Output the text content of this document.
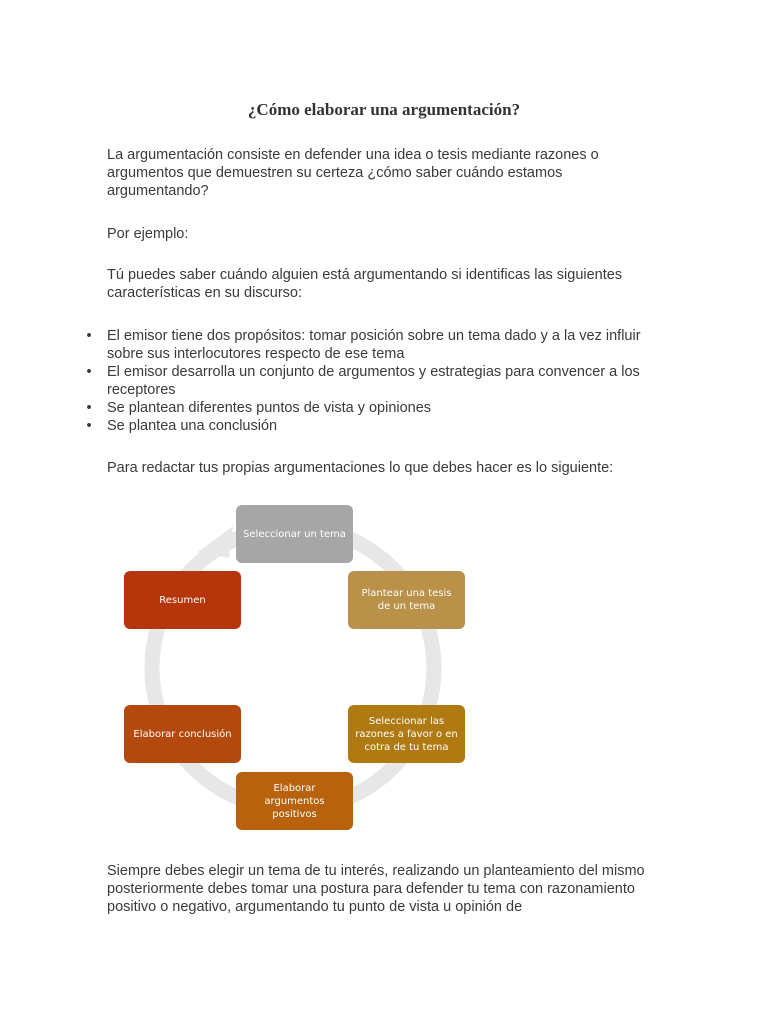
¿Cómo elaborar una argumentación?
La argumentación consiste en defender una idea o tesis mediante razones o argumentos que demuestren su certeza ¿cómo saber cuándo estamos argumentando?
Por ejemplo:
Tú puedes saber cuándo alguien está argumentando si identificas las siguientes características en su discurso:
• El emisor tiene dos propósitos: tomar posición sobre un tema dado y a la vez influir sobre sus interlocutores respecto de ese tema
• El emisor desarrolla un conjunto de argumentos y estrategias para convencer a los receptores
• Se plantean diferentes puntos de vista y opiniones
• Se plantea una conclusión
Para redactar tus propias argumentaciones lo que debes hacer es lo siguiente:
Seleccionar un tema
Plantear una tesis de un tema
Seleccionar las razones a favor o en cotra de tu tema
Elaborar argumentos positivos
Elaborar conclusión
Resumen
Siempre debes elegir un tema de tu interés, realizando un planteamiento del mismo posteriormente debes tomar una postura para defender tu tema con razonamiento positivo o negativo, argumentando tu punto de vista u opinión de
